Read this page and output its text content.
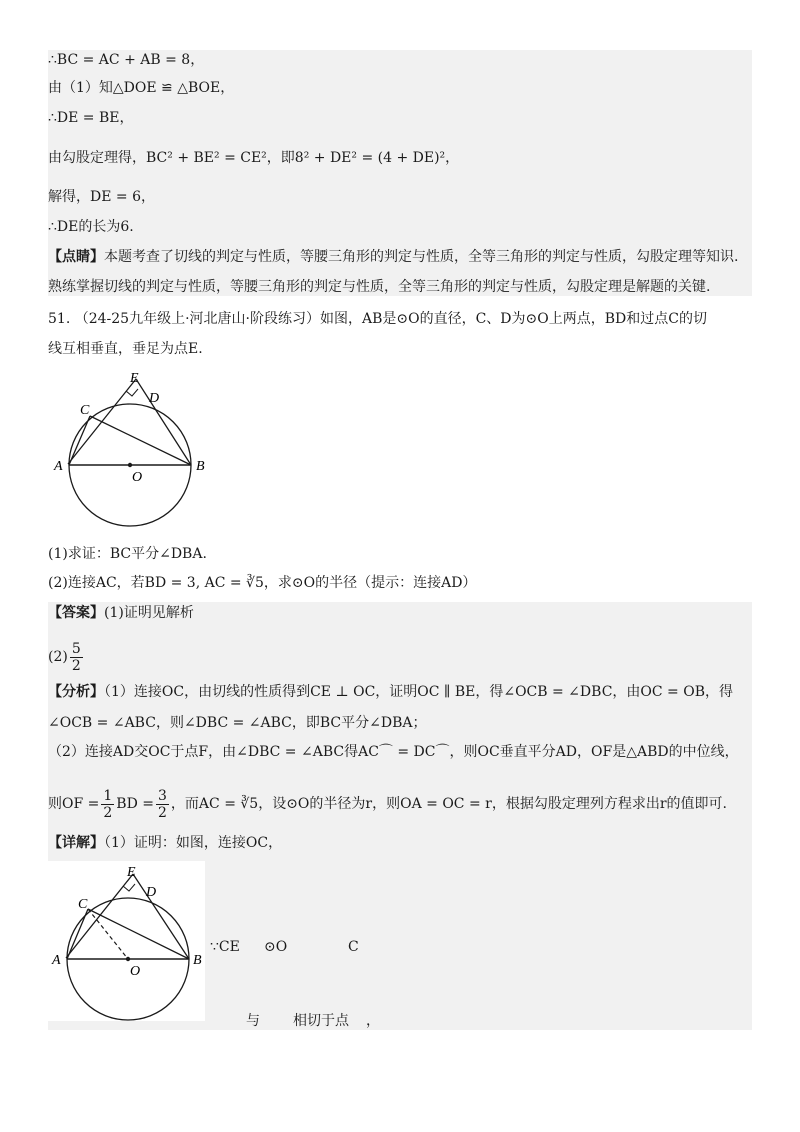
∴BC = AC + AB = 8，
由（1）知△DOE ≌ △BOE，
∴DE = BE，
由勾股定理得，BC² + BE² = CE²，即8² + DE² = (4 + DE)²，
解得，DE = 6，
∴DE的长为6.
【点睛】本题考查了切线的判定与性质，等腰三角形的判定与性质，全等三角形的判定与性质，勾股定理等知识.
熟练掌握切线的判定与性质，等腰三角形的判定与性质，全等三角形的判定与性质，勾股定理是解题的关键.
51. （24-25九年级上·河北唐山·阶段练习）如图，AB是⊙O的直径，C、D为⊙O上两点，BD和过点C的切
线互相垂直，垂足为点E.
E
D
C
A	B
O
(1)求证：BC平分∠DBA.
(2)连接AC，若BD = 3, AC = ∛5，求⊙O的半径（提示：连接AD）
【答案】(1)证明见解析
$(2) \frac{5}{2}$
【分析】（1）连接OC，由切线的性质得到CE ⊥ OC，证明OC ∥ BE，得∠OCB = ∠DBC，由OC = OB，得
∠OCB = ∠ABC，则∠DBC = ∠ABC，即BC平分∠DBA；
（2）连接AD交OC于点F，由∠DBC = ∠ABC得AC⌒ = DC⌒，则OC垂直平分AD，OF是△ABD的中位线，
则OF = $\frac{1}{2}$ BD = $\frac{3}{2}$ ，而AC = ∛5，设⊙O的半径为r，则OA = OC = r，根据勾股定理列方程求出r的值即可.
【详解】（1）证明：如图，连接OC，
E
D
C
A	B
O
∵CE ⊙O	C
与 相切于点 ，
